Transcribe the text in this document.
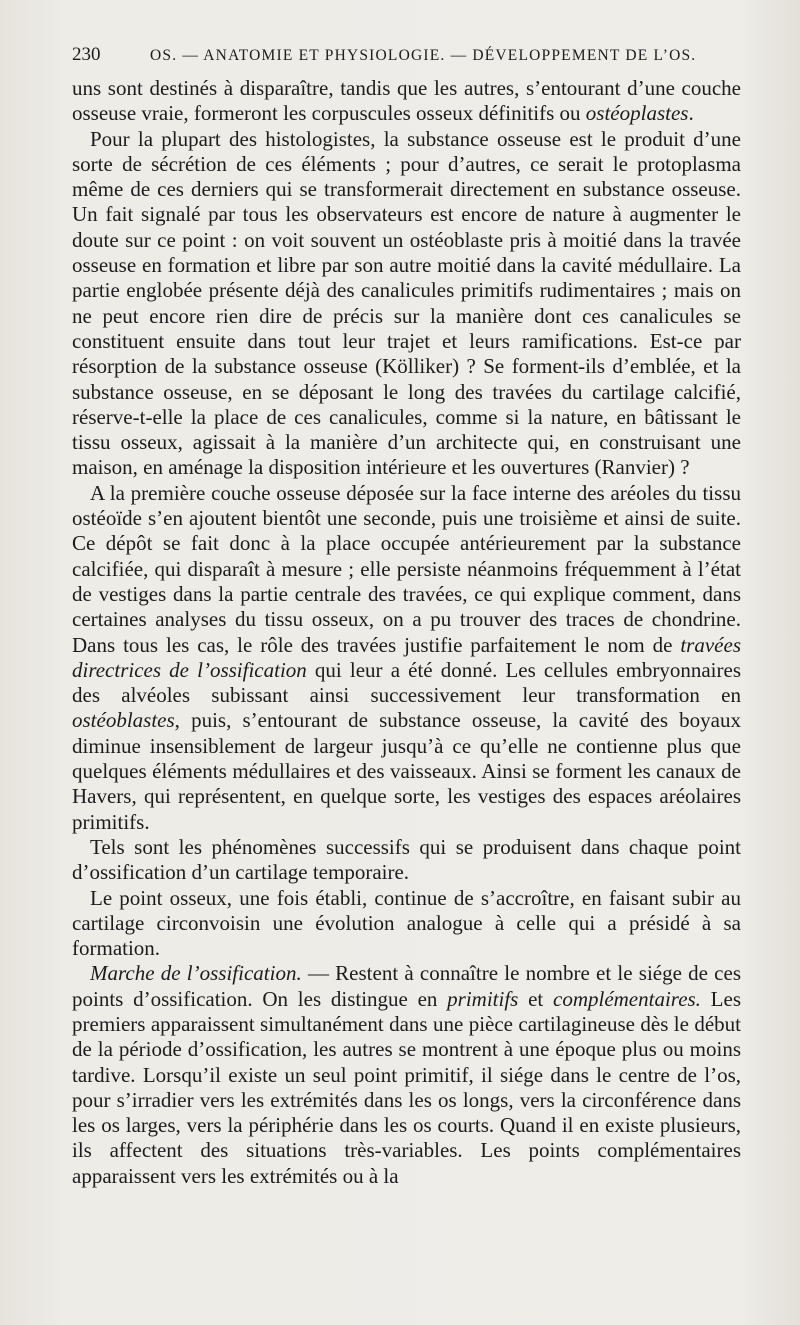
230	OS. — ANATOMIE ET PHYSIOLOGIE. — DÉVELOPPEMENT DE L’OS.

uns sont destinés à disparaître, tandis que les autres, s’entourant d’une couche osseuse vraie, formeront les corpuscules osseux définitifs ou ostéoplastes.

Pour la plupart des histologistes, la substance osseuse est le produit d’une sorte de sécrétion de ces éléments ; pour d’autres, ce serait le protoplasma même de ces derniers qui se transformerait directement en substance osseuse. Un fait signalé par tous les observateurs est encore de nature à augmenter le doute sur ce point : on voit souvent un ostéoblaste pris à moitié dans la travée osseuse en formation et libre par son autre moitié dans la cavité médullaire. La partie englobée présente déjà des canalicules primitifs rudimentaires ; mais on ne peut encore rien dire de précis sur la manière dont ces canalicules se constituent ensuite dans tout leur trajet et leurs ramifications. Est-ce par résorption de la substance osseuse (Kölliker) ? Se forment-ils d’emblée, et la substance osseuse, en se déposant le long des travées du cartilage calcifié, réserve-t-elle la place de ces canalicules, comme si la nature, en bâtissant le tissu osseux, agissait à la manière d’un architecte qui, en construisant une maison, en aménage la disposition intérieure et les ouvertures (Ranvier) ?

A la première couche osseuse déposée sur la face interne des aréoles du tissu ostéoïde s’en ajoutent bientôt une seconde, puis une troisième et ainsi de suite. Ce dépôt se fait donc à la place occupée antérieurement par la substance calcifiée, qui disparaît à mesure ; elle persiste néanmoins fréquemment à l’état de vestiges dans la partie centrale des travées, ce qui explique comment, dans certaines analyses du tissu osseux, on a pu trouver des traces de chondrine. Dans tous les cas, le rôle des travées justifie parfaitement le nom de travées directrices de l’ossification qui leur a été donné. Les cellules embryonnaires des alvéoles subissant ainsi successivement leur transformation en ostéoblastes, puis, s’entourant de substance osseuse, la cavité des boyaux diminue insensiblement de largeur jusqu’à ce qu’elle ne contienne plus que quelques éléments médullaires et des vaisseaux. Ainsi se forment les canaux de Havers, qui représentent, en quelque sorte, les vestiges des espaces aréolaires primitifs.

Tels sont les phénomènes successifs qui se produisent dans chaque point d’ossification d’un cartilage temporaire.

Le point osseux, une fois établi, continue de s’accroître, en faisant subir au cartilage circonvoisin une évolution analogue à celle qui a présidé à sa formation.

Marche de l’ossification. — Restent à connaître le nombre et le siége de ces points d’ossification. On les distingue en primitifs et complémentaires. Les premiers apparaissent simultanément dans une pièce cartilagineuse dès le début de la période d’ossification, les autres se montrent à une époque plus ou moins tardive. Lorsqu’il existe un seul point primitif, il siége dans le centre de l’os, pour s’irradier vers les extrémités dans les os longs, vers la circonférence dans les os larges, vers la périphérie dans les os courts. Quand il en existe plusieurs, ils affectent des situations très-variables. Les points complémentaires apparaissent vers les extrémités ou à la
